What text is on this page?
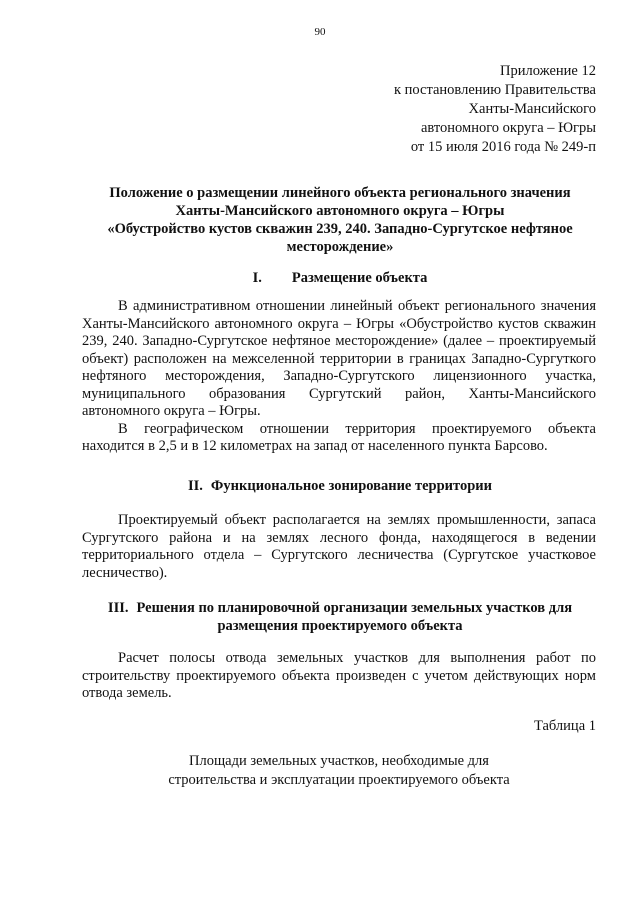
90
Приложение 12
к постановлению Правительства
Ханты-Мансийского
автономного округа – Югры
от 15 июля 2016 года № 249-п
Положение о размещении линейного объекта регионального значения
Ханты-Мансийского автономного округа – Югры
«Обустройство кустов скважин 239, 240. Западно-Сургутское нефтяное
месторождение»
I. Размещение объекта

В административном отношении линейный объект регионального значения Ханты-Мансийского автономного округа – Югры «Обустройство кустов скважин 239, 240. Западно-Сургутское нефтяное месторождение» (далее – проектируемый объект) расположен на межселенной территории в границах Западно-Сургуткого нефтяного месторождения, Западно-Сургутского лицензионного участка, муниципального образования Сургутский район, Ханты-Мансийского автономного округа – Югры.

В географическом отношении территория проектируемого объекта находится в 2,5 и в 12 километрах на запад от населенного пункта Барсово.

II. Функциональное зонирование территории

Проектируемый объект располагается на землях промышленности, запаса Сургутского района и на землях лесного фонда, находящегося в ведении территориального отдела – Сургутского лесничества (Сургутское участковое лесничество).

III. Решения по планировочной организации земельных участков для
размещения проектируемого объекта

Расчет полосы отвода земельных участков для выполнения работ по строительству проектируемого объекта произведен с учетом действующих норм отвода земель.

Таблица 1
Площади земельных участков, необходимые для
строительства и эксплуатации проектируемого объекта
